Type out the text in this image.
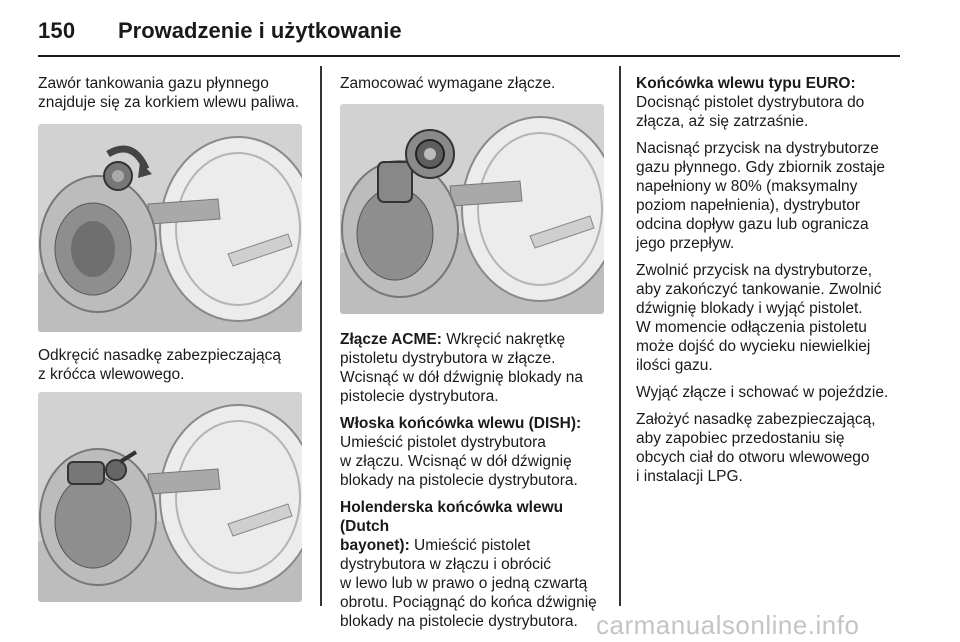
150 Prowadzenie i użytkowanie

Zawór tankowania gazu płynnego
znajduje się za korkiem wlewu paliwa.

Odkręcić nasadkę zabezpieczającą
z króćca wlewowego.

Zamocować wymagane złącze.

Złącze ACME: Wkręcić nakrętkę
pistoletu dystrybutora w złącze.
Wcisnąć w dół dźwignię blokady na
pistolecie dystrybutora.

Włoska końcówka wlewu (DISH):
Umieścić pistolet dystrybutora
w złączu. Wcisnąć w dół dźwignię
blokady na pistolecie dystrybutora.

Holenderska końcówka wlewu (Dutch
bayonet): Umieścić pistolet
dystrybutora w złączu i obrócić
w lewo lub w prawo o jedną czwartą
obrotu. Pociągnąć do końca dźwignię
blokady na pistolecie dystrybutora.

Końcówka wlewu typu EURO:
Docisnąć pistolet dystrybutora do
złącza, aż się zatrzaśnie.

Nacisnąć przycisk na dystrybutorze
gazu płynnego. Gdy zbiornik zostaje
napełniony w 80% (maksymalny
poziom napełnienia), dystrybutor
odcina dopływ gazu lub ogranicza
jego przepływ.

Zwolnić przycisk na dystrybutorze,
aby zakończyć tankowanie. Zwolnić
dźwignię blokady i wyjąć pistolet.
W momencie odłączenia pistoletu
może dojść do wycieku niewielkiej
ilości gazu.

Wyjąć złącze i schować w pojeździe.

Założyć nasadkę zabezpieczającą,
aby zapobiec przedostaniu się
obcych ciał do otworu wlewowego
i instalacji LPG.

carmanualsonline.info
